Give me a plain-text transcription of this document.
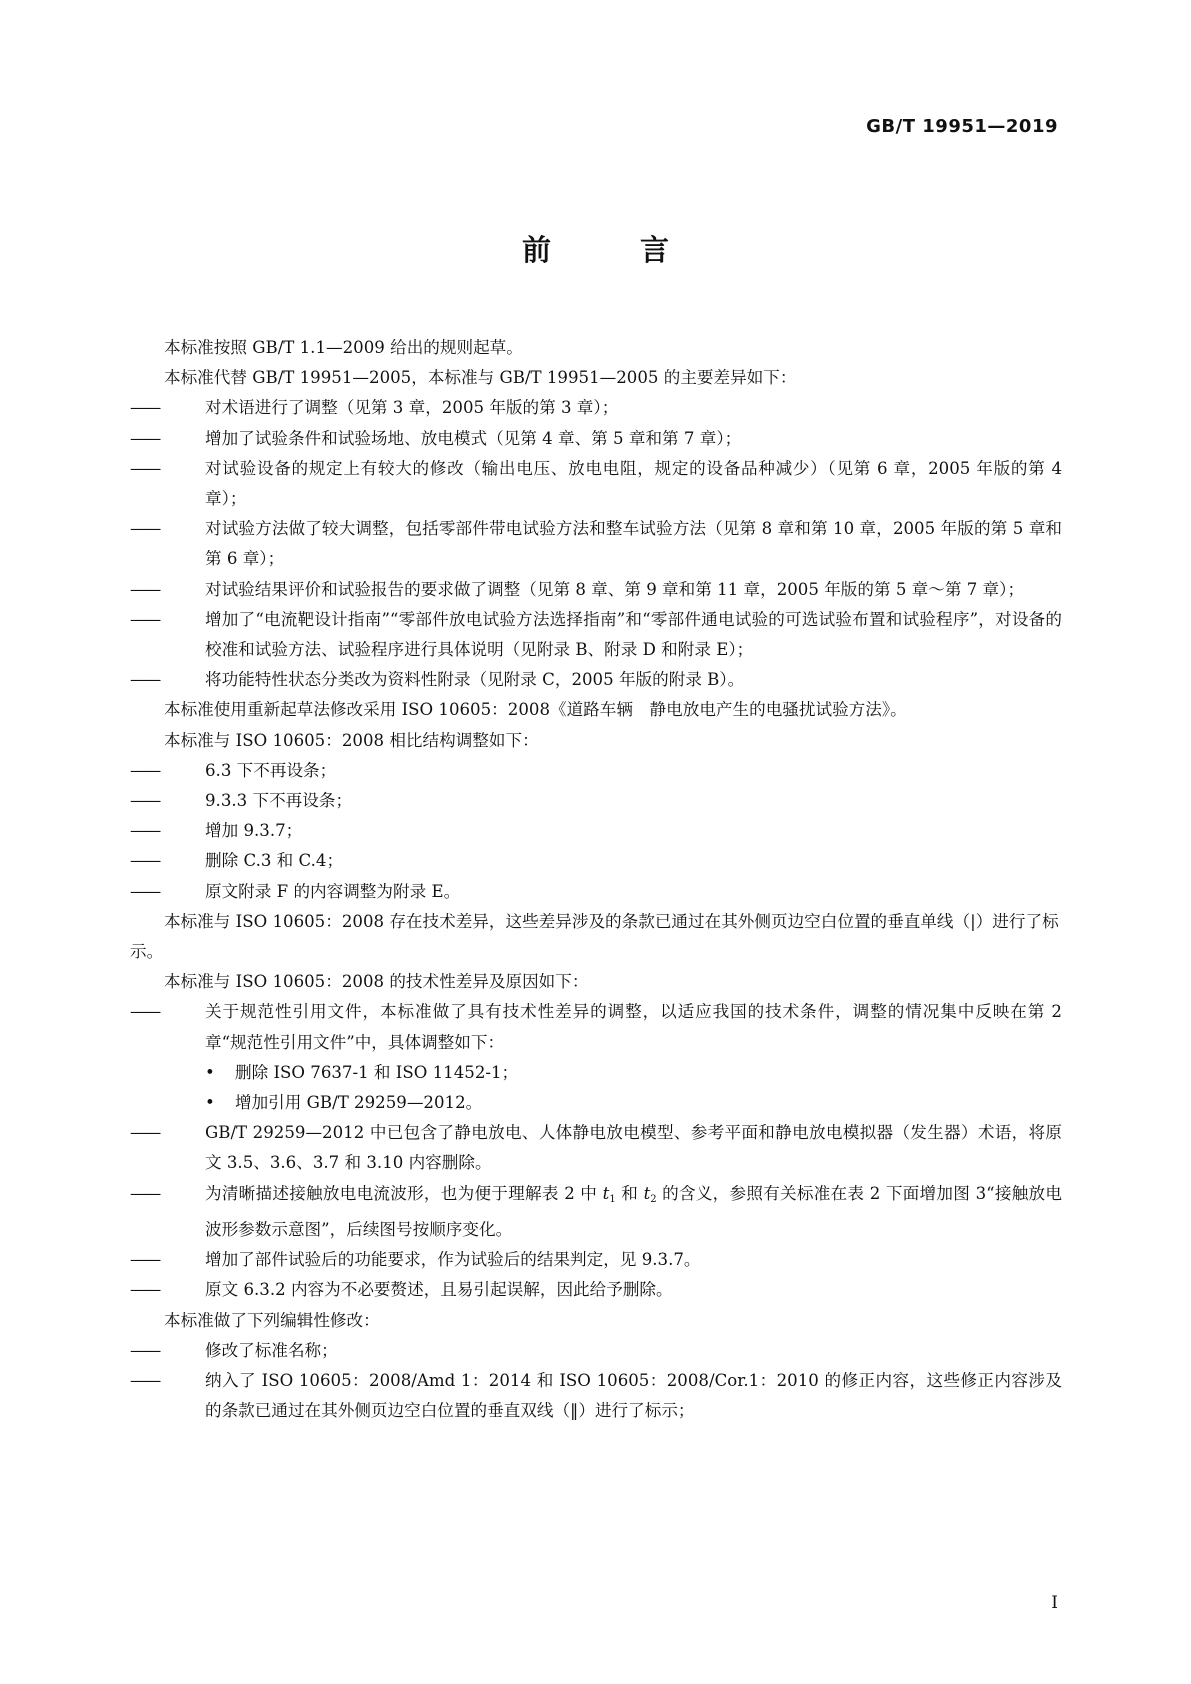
GB/T 19951—2019
前　言
本标准按照 GB/T 1.1—2009 给出的规则起草。
本标准代替 GB/T 19951—2005，本标准与 GB/T 19951—2005 的主要差异如下：
——	对术语进行了调整（见第 3 章，2005 年版的第 3 章）；
——	增加了试验条件和试验场地、放电模式（见第 4 章、第 5 章和第 7 章）；
——	对试验设备的规定上有较大的修改（输出电压、放电电阻，规定的设备品种减少）（见第 6 章，2005 年版的第 4 章）；
——	对试验方法做了较大调整，包括零部件带电试验方法和整车试验方法（见第 8 章和第 10 章，2005 年版的第 5 章和第 6 章）；
——	对试验结果评价和试验报告的要求做了调整（见第 8 章、第 9 章和第 11 章，2005 年版的第 5 章～第 7 章）；
——	增加了“电流靶设计指南”“零部件放电试验方法选择指南”和“零部件通电试验的可选试验布置和试验程序”，对设备的校准和试验方法、试验程序进行具体说明（见附录 B、附录 D 和附录 E）；
——	将功能特性状态分类改为资料性附录（见附录 C，2005 年版的附录 B）。
本标准使用重新起草法修改采用 ISO 10605：2008《道路车辆　静电放电产生的电骚扰试验方法》。
本标准与 ISO 10605：2008 相比结构调整如下：
——	6.3 下不再设条；
——	9.3.3 下不再设条；
——	增加 9.3.7；
——	删除 C.3 和 C.4；
——	原文附录 F 的内容调整为附录 E。
本标准与 ISO 10605：2008 存在技术差异，这些差异涉及的条款已通过在其外侧页边空白位置的垂直单线（|）进行了标示。
本标准与 ISO 10605：2008 的技术性差异及原因如下：
——	关于规范性引用文件，本标准做了具有技术性差异的调整，以适应我国的技术条件，调整的情况集中反映在第 2 章“规范性引用文件”中，具体调整如下：
• 删除 ISO 7637-1 和 ISO 11452-1；
• 增加引用 GB/T 29259—2012。
——	GB/T 29259—2012 中已包含了静电放电、人体静电放电模型、参考平面和静电放电模拟器（发生器）术语，将原文 3.5、3.6、3.7 和 3.10 内容删除。
——	为清晰描述接触放电电流波形，也为便于理解表 2 中 $t_1$ 和 $t_2$ 的含义，参照有关标准在表 2 下面增加图 3“接触放电波形参数示意图”，后续图号按顺序变化。
——	增加了部件试验后的功能要求，作为试验后的结果判定，见 9.3.7。
——	原文 6.3.2 内容为不必要赘述，且易引起误解，因此给予删除。
本标准做了下列编辑性修改：
——	修改了标准名称；
——	纳入了 ISO 10605：2008/Amd 1：2014 和 ISO 10605：2008/Cor.1：2010 的修正内容，这些修正内容涉及的条款已通过在其外侧页边空白位置的垂直双线（‖）进行了标示；
I
